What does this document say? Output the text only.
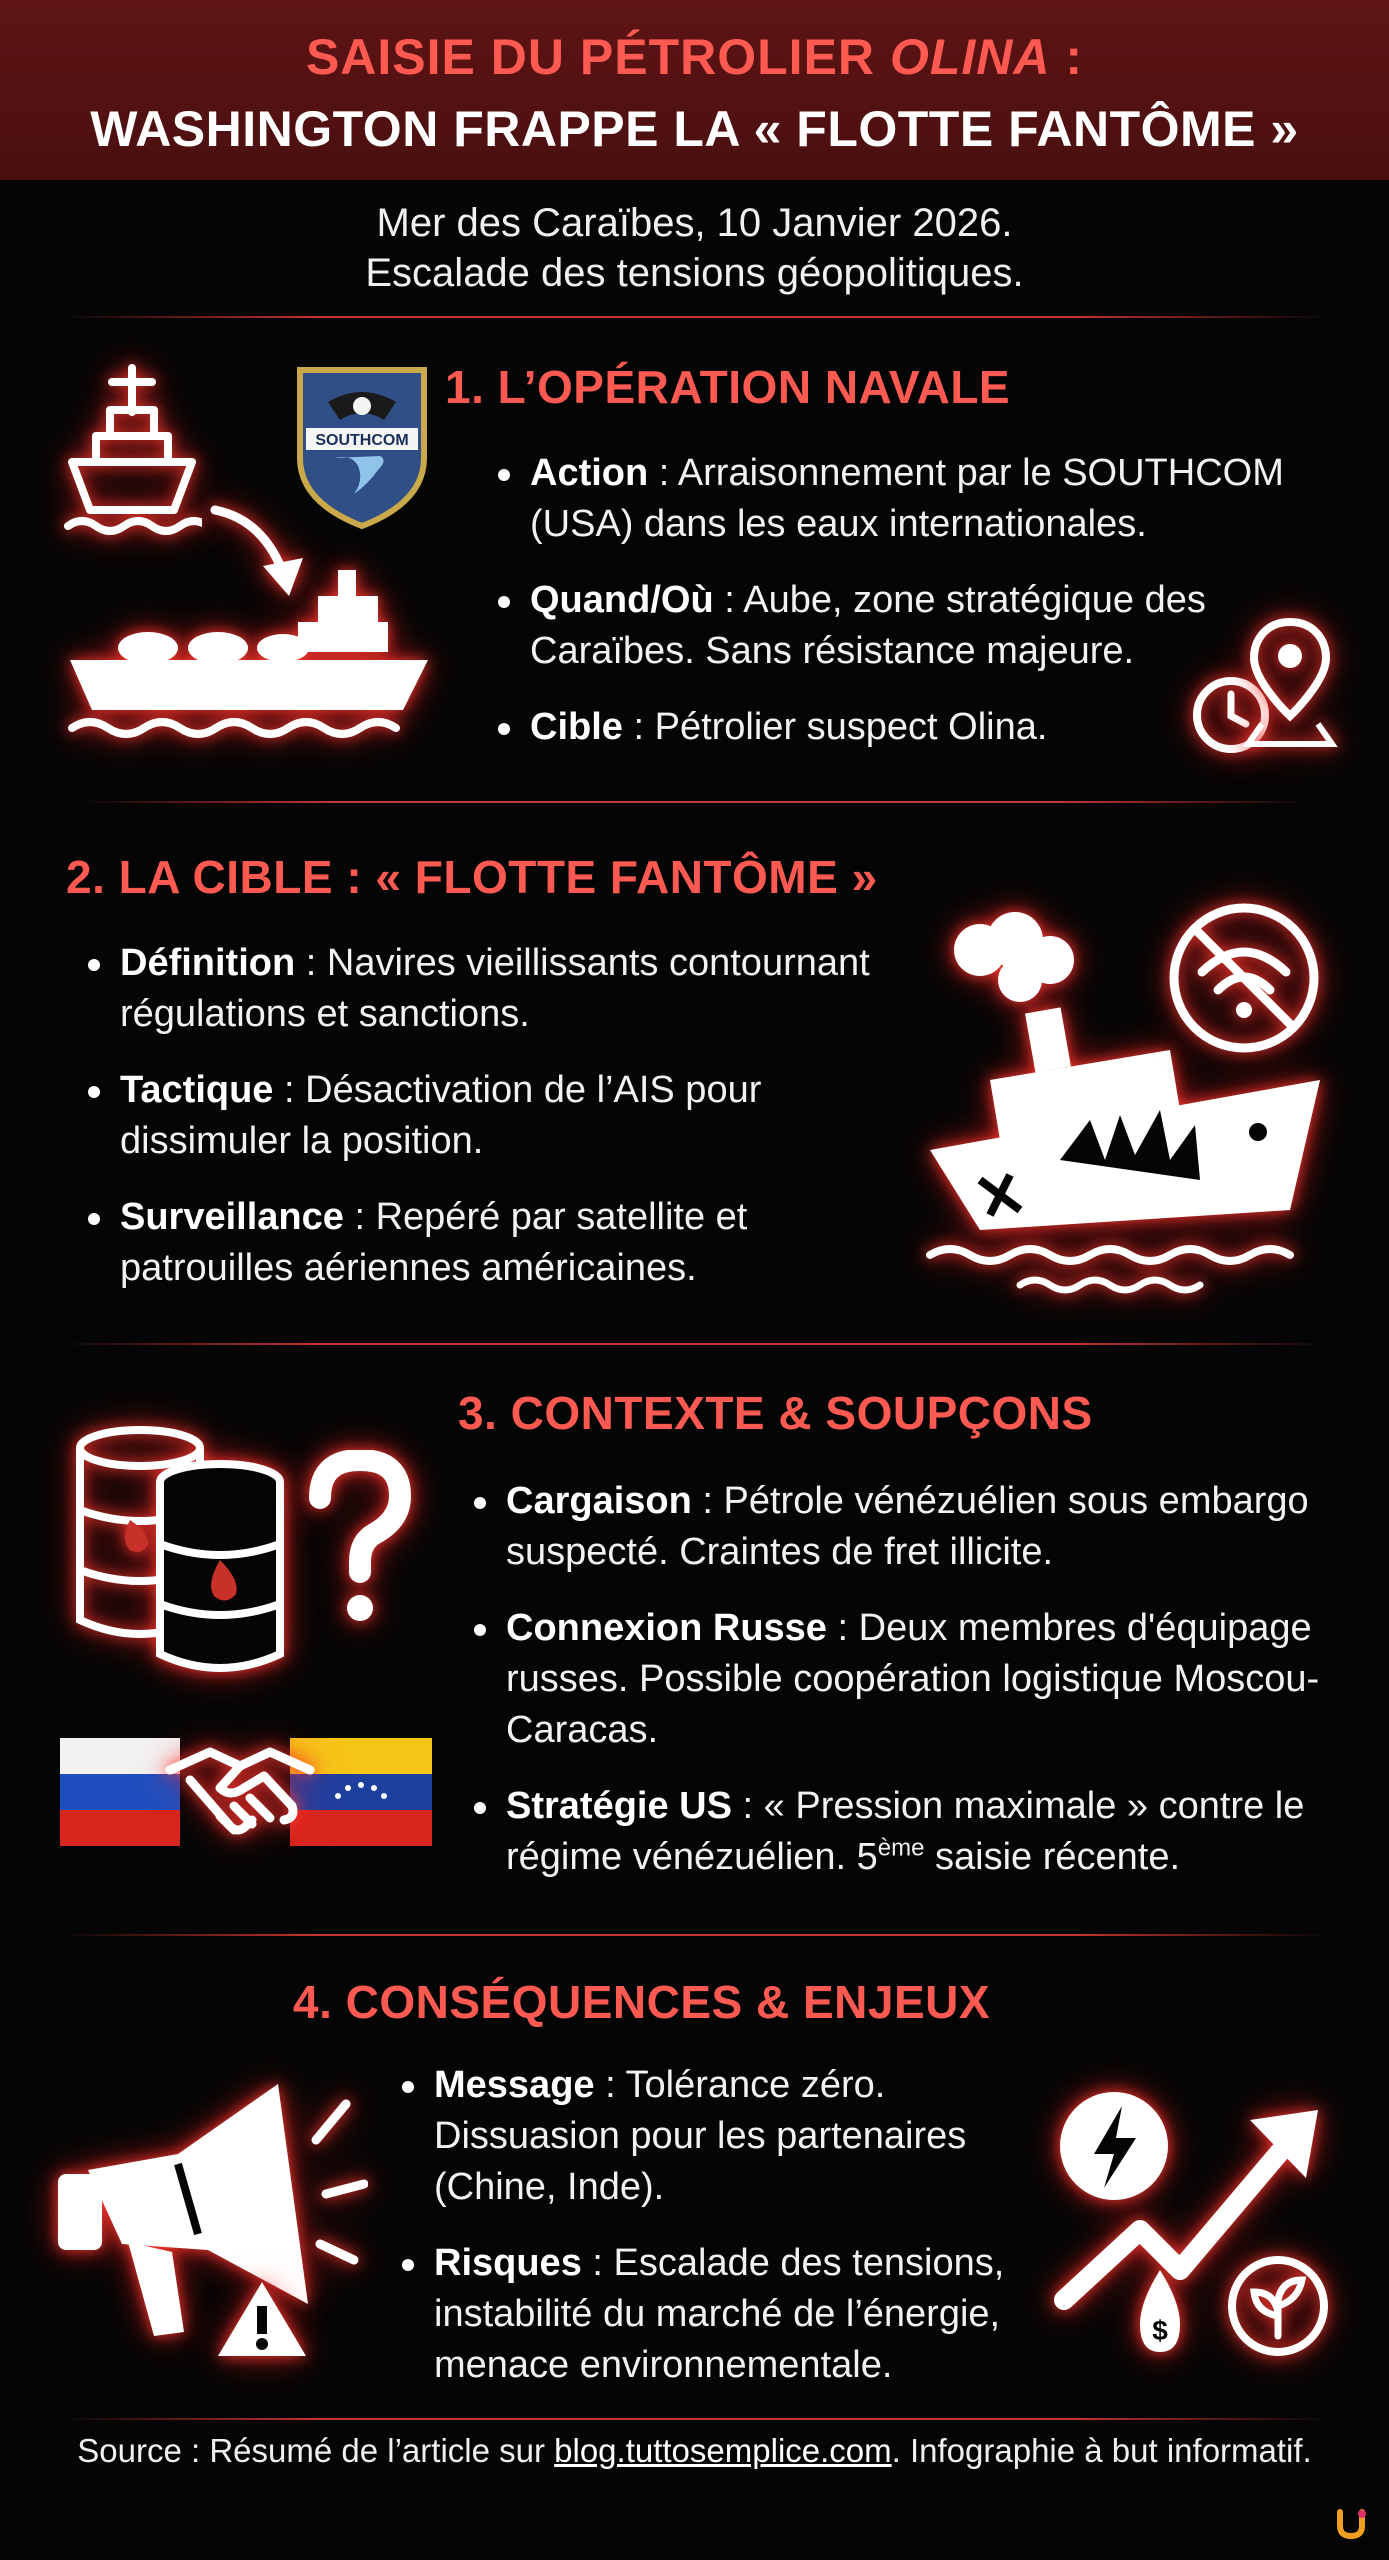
SAISIE DU PÉTROLIER OLINA :
WASHINGTON FRAPPE LA « FLOTTE FANTÔME »
Mer des Caraïbes, 10 Janvier 2026.
Escalade des tensions géopolitiques.
1. L’OPÉRATION NAVALE
SOUTHCOM
Action : Arraisonnement par le SOUTHCOM (USA) dans les eaux internationales.
Quand/Où : Aube, zone stratégique des Caraïbes. Sans résistance majeure.
Cible : Pétrolier suspect Olina.
2. LA CIBLE : « FLOTTE FANTÔME »
Définition : Navires vieillissants contournant régulations et sanctions.
Tactique : Désactivation de l’AIS pour dissimuler la position.
Surveillance : Repéré par satellite et patrouilles aériennes américaines.
3. CONTEXTE & SOUPÇONS
Cargaison : Pétrole vénézuélien sous embargo suspecté. Craintes de fret illicite.
Connexion Russe : Deux membres d'équipage russes. Possible coopération logistique Moscou-Caracas.
Stratégie US : « Pression maximale » contre le régime vénézuélien. 5ème saisie récente.
4. CONSÉQUENCES & ENJEUX
Message : Tolérance zéro. Dissuasion pour les partenaires (Chine, Inde).
Risques : Escalade des tensions, instabilité du marché de l’énergie, menace environnementale.
$
Source : Résumé de l’article sur blog.tuttosemplice.com. Infographie à but informatif.
